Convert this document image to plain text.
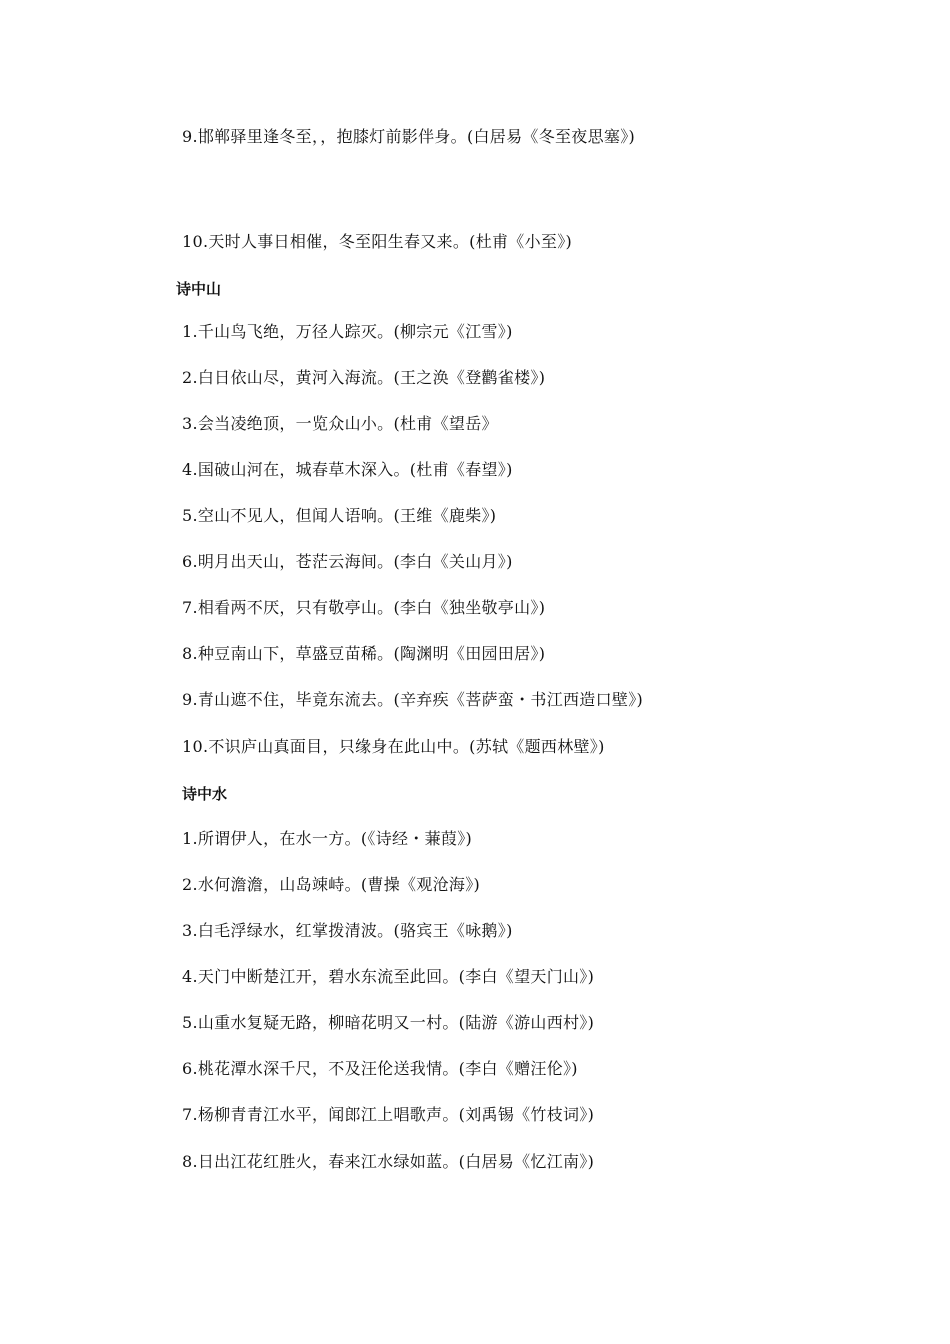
9.邯郸驿里逢冬至，，抱膝灯前影伴身。(白居易《冬至夜思塞》)
10.天时人事日相催，冬至阳生春又来。(杜甫《小至》)
诗中山
1.千山鸟飞绝，万径人踪灭。(柳宗元《江雪》)
2.白日依山尽，黄河入海流。(王之涣《登鹳雀楼》)
3.会当凌绝顶，一览众山小。(杜甫《望岳》
4.国破山河在，城春草木深入。(杜甫《春望》)
5.空山不见人，但闻人语响。(王维《鹿柴》)
6.明月出天山，苍茫云海间。(李白《关山月》)
7.相看两不厌，只有敬亭山。(李白《独坐敬亭山》)
8.种豆南山下，草盛豆苗稀。(陶渊明《田园田居》)
9.青山遮不住，毕竟东流去。(辛弃疾《菩萨蛮・书江西造口壁》)
10.不识庐山真面目，只缘身在此山中。(苏轼《题西林壁》)
诗中水
1.所谓伊人，在水一方。(《诗经・蒹葭》)
2.水何澹澹，山岛竦峙。(曹操《观沧海》)
3.白毛浮绿水，红掌拨清波。(骆宾王《咏鹅》)
4.天门中断楚江开，碧水东流至此回。(李白《望天门山》)
5.山重水复疑无路，柳暗花明又一村。(陆游《游山西村》)
6.桃花潭水深千尺，不及汪伦送我情。(李白《赠汪伦》)
7.杨柳青青江水平，闻郎江上唱歌声。(刘禹锡《竹枝词》)
8.日出江花红胜火，春来江水绿如蓝。(白居易《忆江南》)
